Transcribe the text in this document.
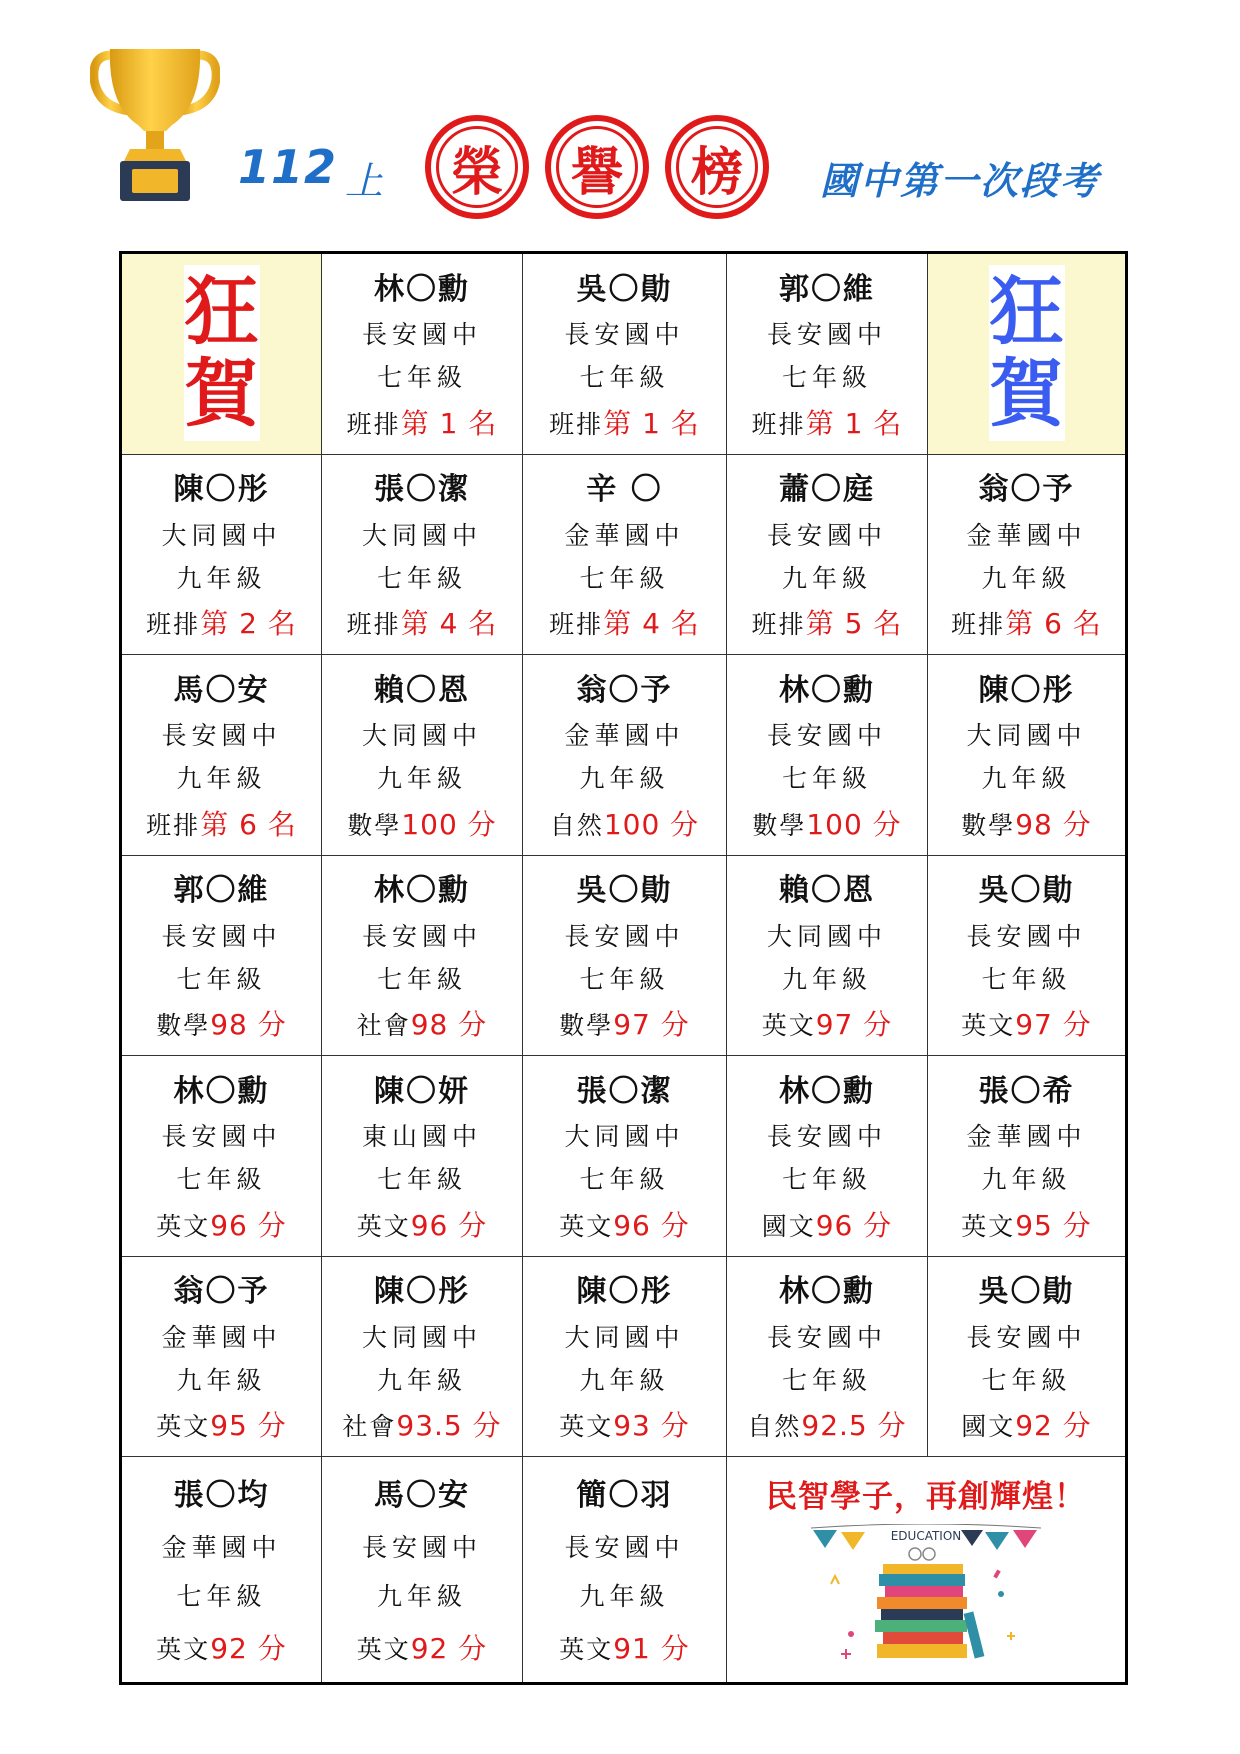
112 上 榮 譽 榜	國中第一次段考
狂
賀
林〇勳
長安國中
七年級
班排第 1 名
吳〇勛
長安國中
七年級
班排第 1 名
郭〇維
長安國中
七年級
班排第 1 名
狂
賀
陳〇彤
大同國中
九年級
班排第 2 名
張〇潔
大同國中
七年級
班排第 4 名
辛 〇
金華國中
七年級
班排第 4 名
蕭〇庭
長安國中
九年級
班排第 5 名
翁〇予
金華國中
九年級
班排第 6 名
馬〇安
長安國中
九年級
班排第 6 名
賴〇恩
大同國中
九年級
數學100 分
翁〇予
金華國中
九年級
自然100 分
林〇勳
長安國中
七年級
數學100 分
陳〇彤
大同國中
九年級
數學98 分
郭〇維
長安國中
七年級
數學98 分
林〇勳
長安國中
七年級
社會98 分
吳〇勛
長安國中
七年級
數學97 分
賴〇恩
大同國中
九年級
英文97 分
吳〇勛
長安國中
七年級
英文97 分
林〇勳
長安國中
七年級
英文96 分
陳〇妍
東山國中
七年級
英文96 分
張〇潔
大同國中
七年級
英文96 分
林〇勳
長安國中
七年級
國文96 分
張〇希
金華國中
九年級
英文95 分
翁〇予
金華國中
九年級
英文95 分
陳〇彤
大同國中
九年級
社會93.5 分
陳〇彤
大同國中
九年級
英文93 分
林〇勳
長安國中
七年級
自然92.5 分
吳〇勛
長安國中
七年級
國文92 分
張〇均
金華國中
七年級
英文92 分
馬〇安
長安國中
九年級
英文92 分
簡〇羽
長安國中
九年級
英文91 分
民智學子，再創輝煌！
EDUCATION
